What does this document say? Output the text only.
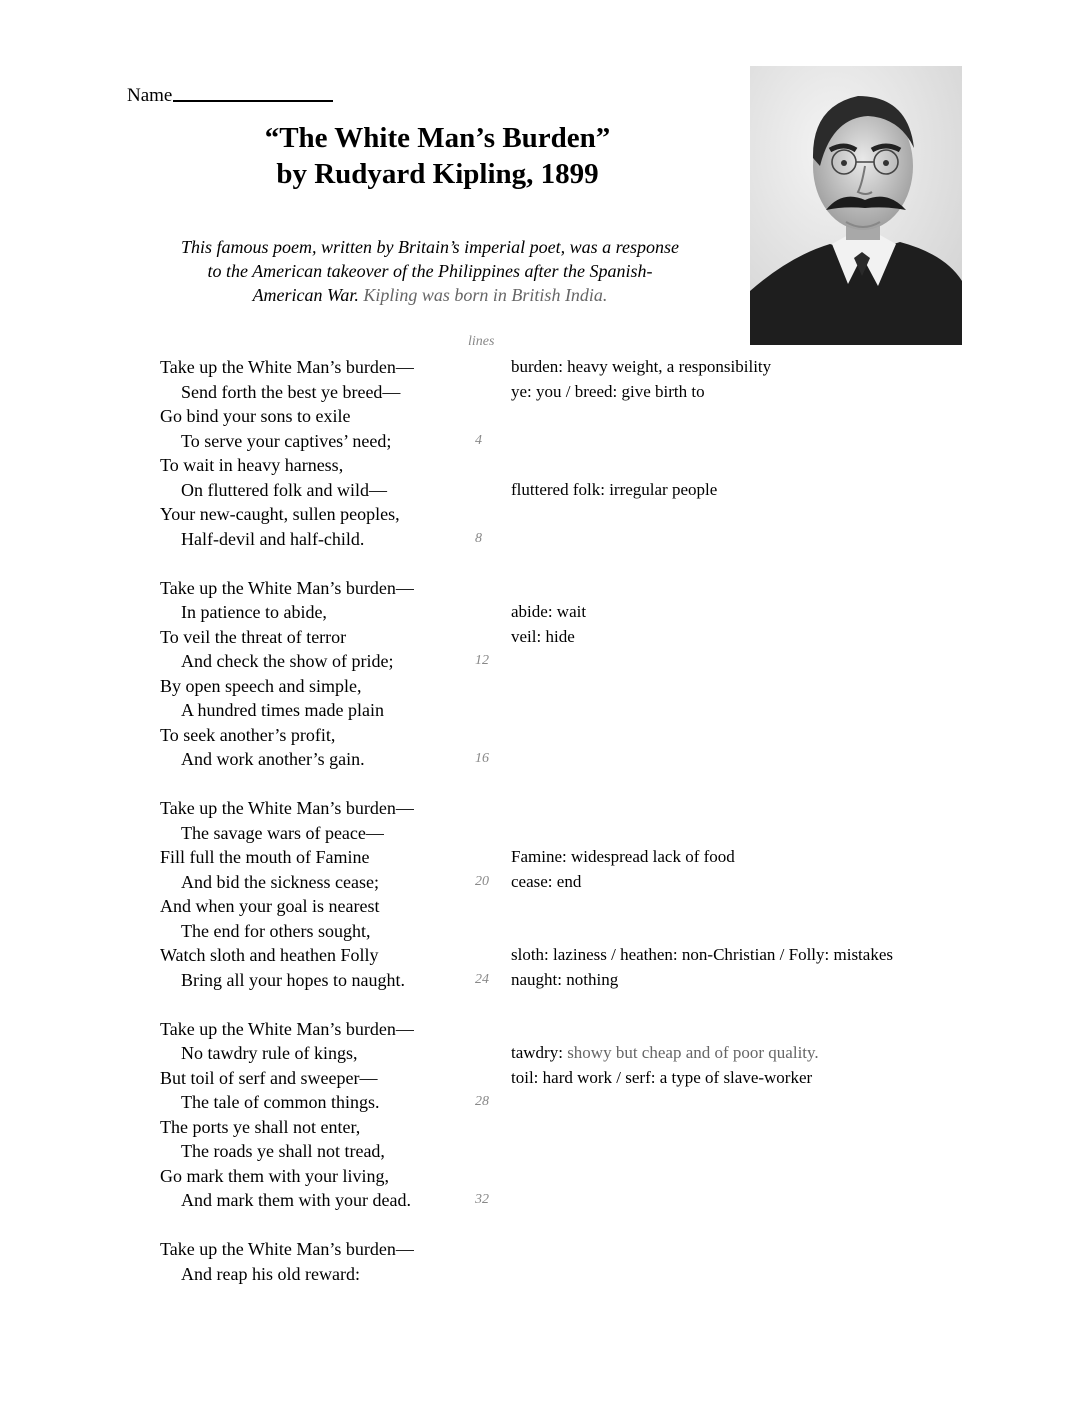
Name
“The White Man’s Burden”
by Rudyard Kipling, 1899
This famous poem, written by Britain’s imperial poet, was a response
to the American takeover of the Philippines after the Spanish-
American War. Kipling was born in British India.
lines
Take up the White Man’s burden—	burden: heavy weight, a responsibility
Send forth the best ye breed—	ye: you / breed: give birth to
Go bind your sons to exile
To serve your captives’ need;	4
To wait in heavy harness,
On fluttered folk and wild—	fluttered folk: irregular people
Your new-caught, sullen peoples,
Half-devil and half-child.	8
Take up the White Man’s burden—
In patience to abide,	abide: wait
To veil the threat of terror	veil: hide
And check the show of pride;	12
By open speech and simple,
A hundred times made plain
To seek another’s profit,
And work another’s gain.	16
Take up the White Man’s burden—
The savage wars of peace—
Fill full the mouth of Famine	Famine: widespread lack of food
And bid the sickness cease;	20 cease: end
And when your goal is nearest
The end for others sought,
Watch sloth and heathen Folly	sloth: laziness / heathen: non-Christian / Folly: mistakes
Bring all your hopes to naught.	24 naught: nothing
Take up the White Man’s burden—
No tawdry rule of kings,	tawdry: showy but cheap and of poor quality.
But toil of serf and sweeper—	toil: hard work / serf: a type of slave-worker
The tale of common things.	28
The ports ye shall not enter,
The roads ye shall not tread,
Go mark them with your living,
And mark them with your dead.	32
Take up the White Man’s burden—
And reap his old reward:
